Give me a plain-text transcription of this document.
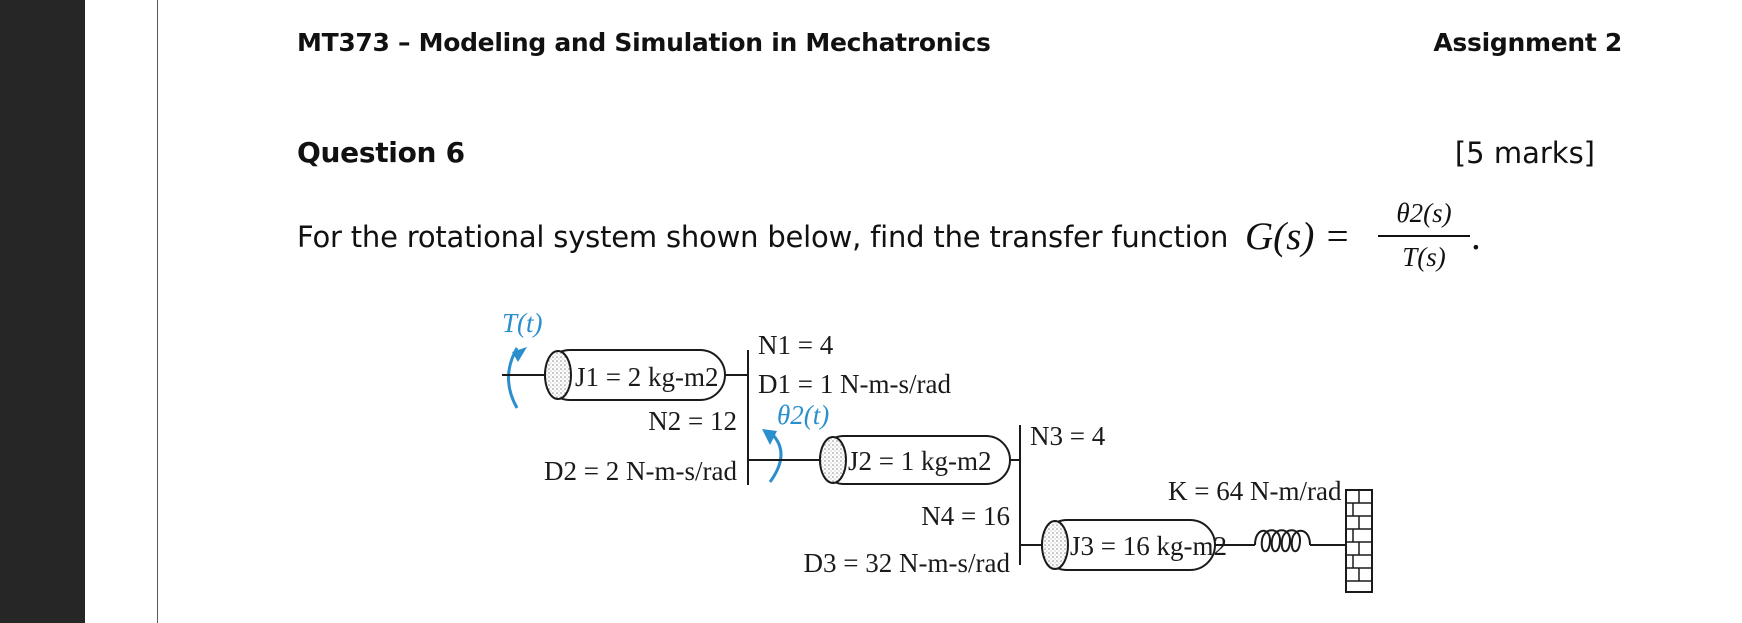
MT373 – Modeling and Simulation in Mechatronics	Assignment 2
Question 6	[5 marks]
For the rotational system shown below, find the transfer function G(s) =
θ2(s)
T(s) .
T(t)
J1 = 2 kg-m2
N1 = 4
D1 = 1 N-m-s/rad
N2 = 12
D2 = 2 N-m-s/rad
θ2(t)
J2 = 1 kg-m2
N3 = 4
K = 64 N-m/rad
N4 = 16
D3 = 32 N-m-s/rad
J3 = 16 kg-m2
